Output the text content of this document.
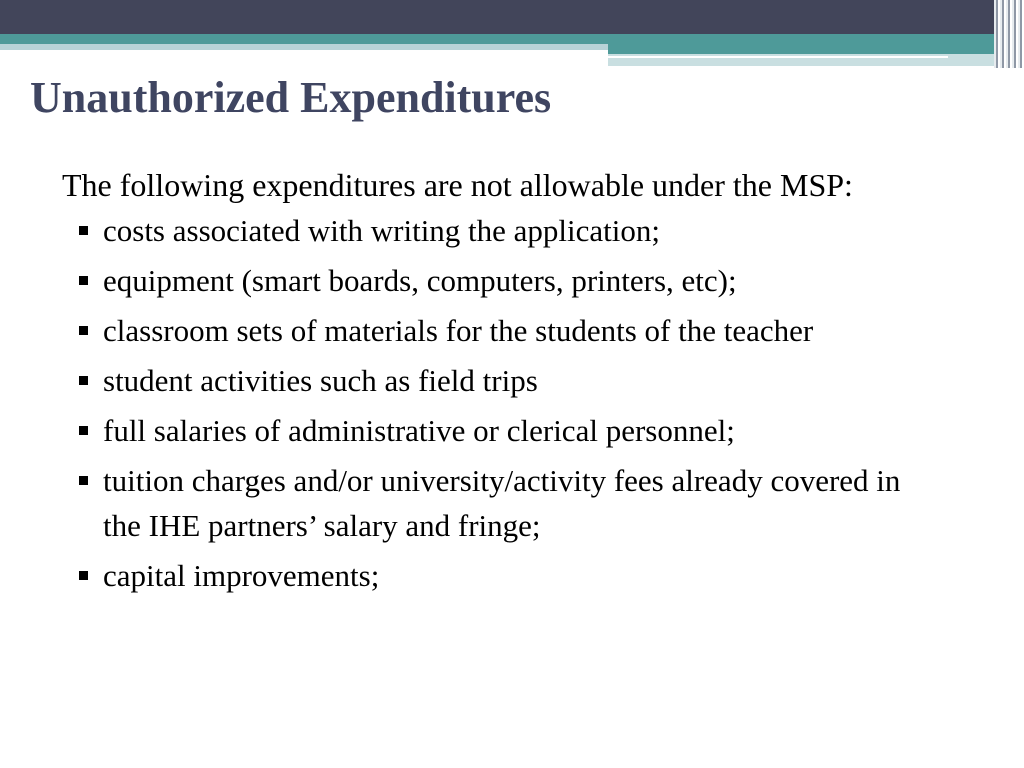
Unauthorized Expenditures

The following expenditures are not allowable under the MSP:

costs associated with writing the application;
equipment (smart boards, computers, printers, etc);
classroom sets of materials for the students of the teacher
student activities such as field trips
full salaries of administrative or clerical personnel;
tuition charges and/or university/activity fees already covered in the IHE partners’ salary and fringe;
capital improvements;
